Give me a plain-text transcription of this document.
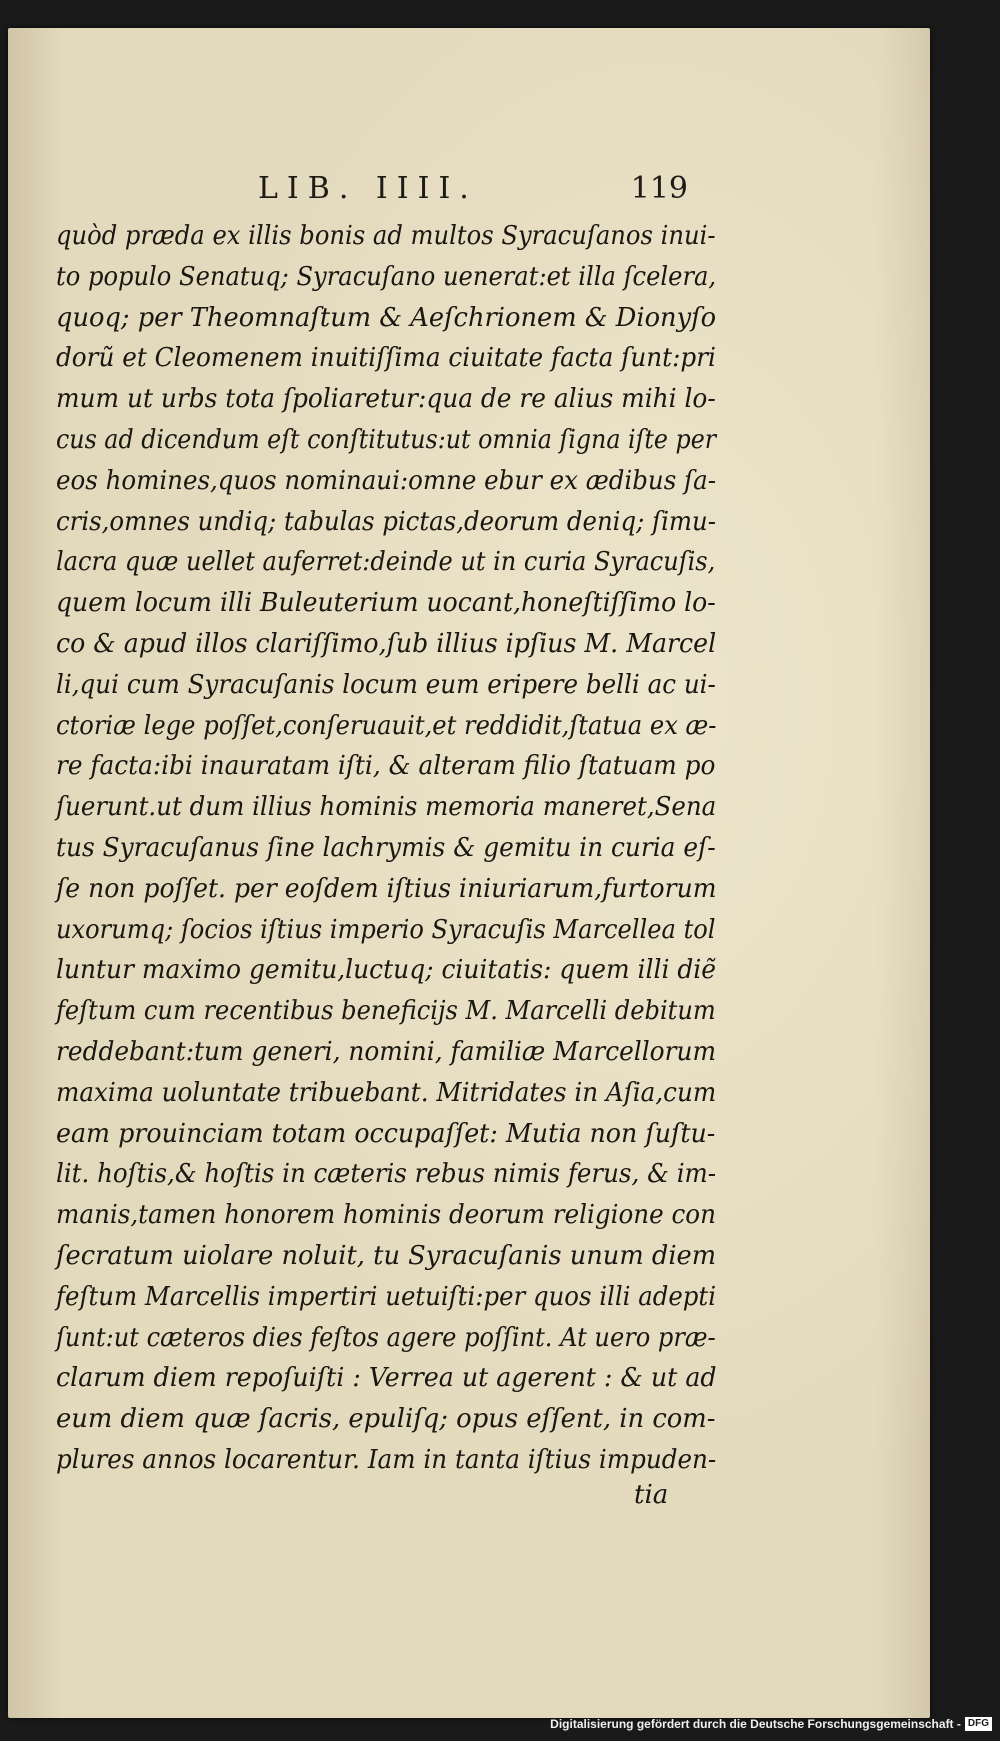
LIB. IIII.	119
quòd præda ex illis bonis ad multos Syracuſanos inui-
to populo Senatuq; Syracuſano uenerat:et illa ſcelera,
quoq; per Theomnaſtum & Aeſchrionem & Dionyſo
dorũ et Cleomenem inuitiſſima ciuitate facta ſunt:pri
mum ut urbs tota ſpoliaretur:qua de re alius mihi lo-
cus ad dicendum eſt conſtitutus:ut omnia ſigna iſte per
eos homines,quos nominaui:omne ebur ex ædibus ſa-
cris,omnes undiq; tabulas pictas,deorum deniq; ſimu-
lacra quæ uellet auferret:deinde ut in curia Syracuſis,
quem locum illi Buleuterium uocant,honeſtiſſimo lo-
co & apud illos clariſſimo,ſub illius ipſius M. Marcel
li,qui cum Syracuſanis locum eum eripere belli ac ui-
ctoriæ lege poſſet,conſeruauit,et reddidit,ſtatua ex æ-
re facta:ibi inauratam iſti, & alteram filio ſtatuam po
ſuerunt.ut dum illius hominis memoria maneret,Sena
tus Syracuſanus ſine lachrymis & gemitu in curia eſ-
ſe non poſſet. per eoſdem iſtius iniuriarum,furtorum
uxorumq; ſocios iſtius imperio Syracuſis Marcellea tol
luntur maximo gemitu,luctuq; ciuitatis: quem illi diẽ
feſtum cum recentibus beneficijs M. Marcelli debitum
reddebant:tum generi, nomini, familiæ Marcellorum
maxima uoluntate tribuebant. Mitridates in Aſia,cum
eam prouinciam totam occupaſſet: Mutia non ſuſtu-
lit. hoſtis,& hoſtis in cæteris rebus nimis ferus, & im-
manis,tamen honorem hominis deorum religione con
ſecratum uiolare noluit, tu Syracuſanis unum diem
feſtum Marcellis impertiri uetuiſti:per quos illi adepti
ſunt:ut cæteros dies feſtos agere poſſint. At uero præ-
clarum diem repoſuiſti : Verrea ut agerent : & ut ad
eum diem quæ ſacris, epuliſq; opus eſſent, in com-
plures annos locarentur. Iam in tanta iſtius impuden-
tia
Digitalisierung gefördert durch die Deutsche Forschungsgemeinschaft - DFG
